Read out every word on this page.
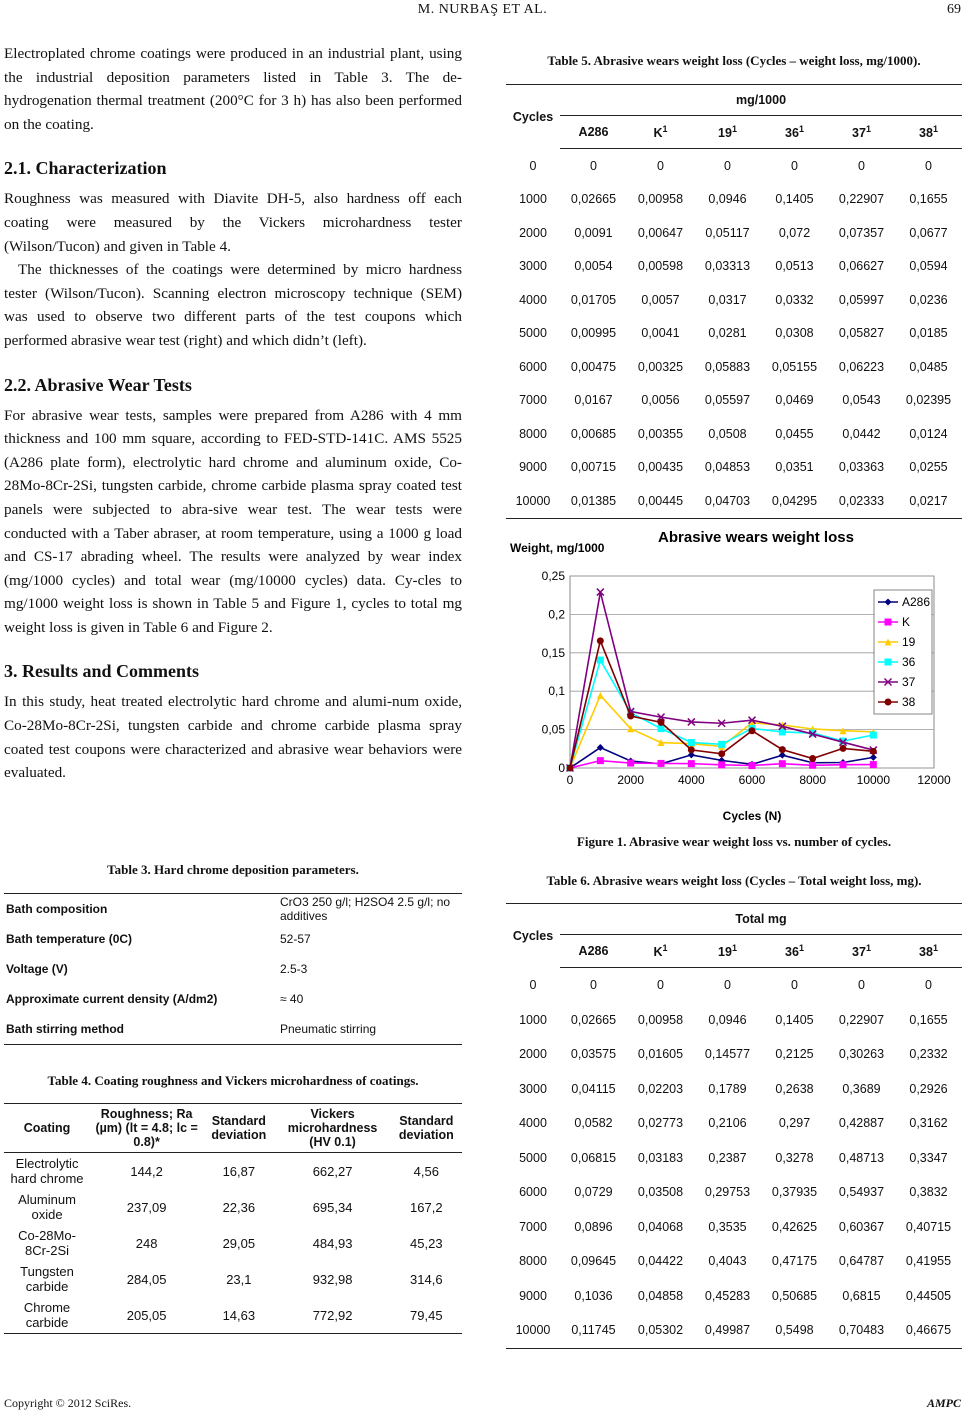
M. NURBAŞ ET AL.	69

Electroplated chrome coatings were produced in an industrial plant, using the industrial deposition parameters listed in Table 3. The de-hydrogenation thermal treatment (200°C for 3 h) has also been performed on the coating.

2.1. Characterization

Roughness was measured with Diavite DH-5, also hardness off each coating were measured by the Vickers microhardness tester (Wilson/Tucon) and given in Table 4.

The thicknesses of the coatings were determined by micro hardness tester (Wilson/Tucon). Scanning electron microscopy technique (SEM) was used to observe two different parts of the test coupons which performed abrasive wear test (right) and which didn’t (left).

2.2. Abrasive Wear Tests

For abrasive wear tests, samples were prepared from A286 with 4 mm thickness and 100 mm square, according to FED-STD-141C. AMS 5525 (A286 plate form), electrolytic hard chrome and aluminum oxide, Co-28Mo-8Cr-2Si, tungsten carbide, chrome carbide plasma spray coated test panels were subjected to abra-sive wear test. The wear tests were conducted with a Taber abraser, at room temperature, using a 1000 g load and CS-17 abrading wheel. The results were analyzed by wear index (mg/1000 cycles) and total wear (mg/10000 cycles) data. Cy-cles to mg/1000 weight loss is shown in Table 5 and Figure 1, cycles to total mg weight loss is given in Table 6 and Figure 2.

3. Results and Comments

In this study, heat treated electrolytic hard chrome and alumi-num oxide, Co-28Mo-8Cr-2Si, tungsten carbide and chrome carbide plasma spray coated test coupons were characterized and abrasive wear behaviors were evaluated.

Table 3. Hard chrome deposition parameters.
Bath composition	CrO3 250 g/l; H2SO4 2.5 g/l; no additives
Bath temperature (0C)	52-57
Voltage (V)	2.5-3
Approximate current density (A/dm2)	≈ 40
Bath stirring method	Pneumatic stirring
Table 4. Coating roughness and Vickers microhardness of coatings.
Coating	Roughness; Ra (µm) (lt = 4.8; lc = 0.8)*	Standard deviation	Vickers microhardness (HV 0.1)	Standard deviation
Electrolytic hard chrome	144,2	16,87	662,27	4,56
Aluminum oxide	237,09	22,36	695,34	167,2
Co-28Mo-8Cr-2Si	248	29,05	484,93	45,23
Tungsten carbide	284,05	23,1	932,98	314,6
Chrome carbide	205,05	14,63	772,92	79,45
Table 5. Abrasive wears weight loss (Cycles – weight loss, mg/1000).
Cycles	mg/1000					
	A286	$K^1$	$19^1$	$36^1$	$37^1$	$38^1$
0	0	0	0	0	0	0
1000	0,02665	0,00958	0,0946	0,1405	0,22907	0,1655
2000	0,0091	0,00647	0,05117	0,072	0,07357	0,0677
3000	0,0054	0,00598	0,03313	0,0513	0,06627	0,0594
4000	0,01705	0,0057	0,0317	0,0332	0,05997	0,0236
5000	0,00995	0,0041	0,0281	0,0308	0,05827	0,0185
6000	0,00475	0,00325	0,05883	0,05155	0,06223	0,0485
7000	0,0167	0,0056	0,05597	0,0469	0,0543	0,02395
8000	0,00685	0,00355	0,0508	0,0455	0,0442	0,0124
9000	0,00715	0,00435	0,04853	0,0351	0,03363	0,0255
10000	0,01385	0,00445	0,04703	0,04295	0,02333	0,0217
Abrasive wears weight loss
Weight, mg/1000
Cycles (N)
0
0,05
0,1
0,15
0,2
0,25
0	2000	4000	6000	8000	10000 12000
A286
K
19
36
37
38
Figure 1. Abrasive wear weight loss vs. number of cycles.
Table 6. Abrasive wears weight loss (Cycles – Total weight loss, mg).
Cycles	Total mg					
	A286	$K^1$	$19^1$	$36^1$	$37^1$	$38^1$
0	0	0	0	0	0	0
1000	0,02665	0,00958	0,0946	0,1405	0,22907	0,1655
2000	0,03575	0,01605	0,14577	0,2125	0,30263	0,2332
3000	0,04115	0,02203	0,1789	0,2638	0,3689	0,2926
4000	0,0582	0,02773	0,2106	0,297	0,42887	0,3162
5000	0,06815	0,03183	0,2387	0,3278	0,48713	0,3347
6000	0,0729	0,03508	0,29753	0,37935	0,54937	0,3832
7000	0,0896	0,04068	0,3535	0,42625	0,60367	0,40715
8000	0,09645	0,04422	0,4043	0,47175	0,64787	0,41955
9000	0,1036	0,04858	0,45283	0,50685	0,6815	0,44505
10000	0,11745	0,05302	0,49987	0,5498	0,70483	0,46675
Copyright © 2012 SciRes.	AMPC
